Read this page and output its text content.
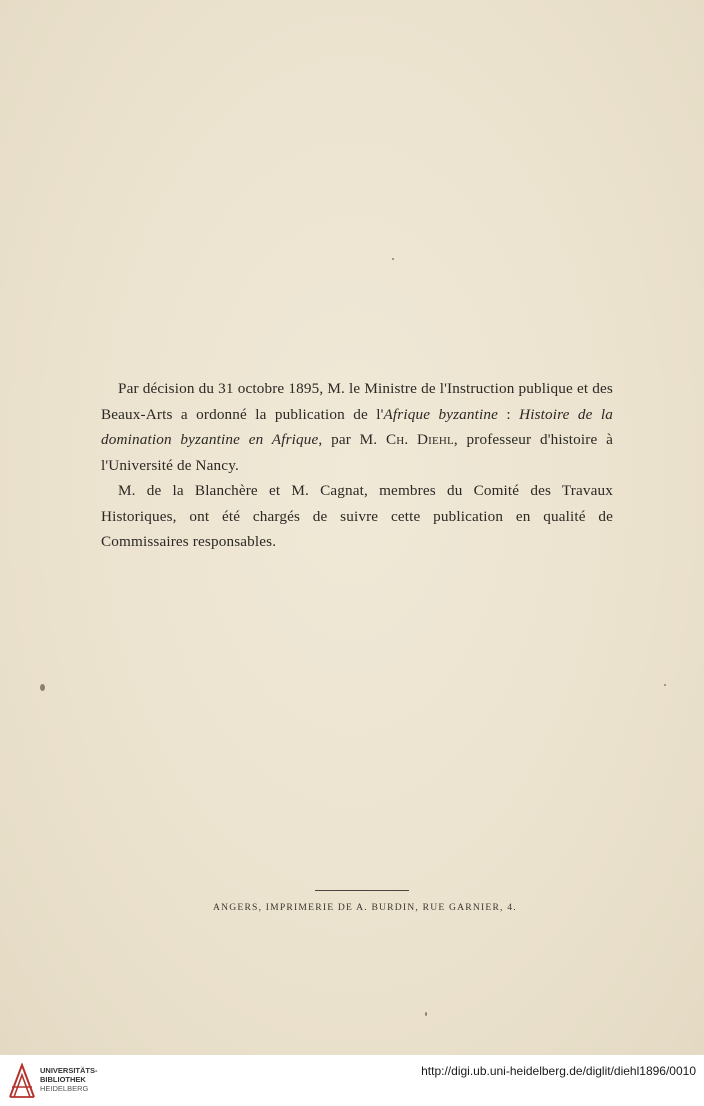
Par décision du 31 octobre 1895, M. le Ministre de l'Instruction publique et des Beaux-Arts a ordonné la publication de l'Afrique byzantine : Histoire de la domination byzantine en Afrique, par M. Ch. Diehl, professeur d'histoire à l'Université de Nancy.
M. de la Blanchère et M. Cagnat, membres du Comité des Travaux Historiques, ont été chargés de suivre cette publication en qualité de Commissaires responsables.
ANGERS, IMPRIMERIE DE A. BURDIN, RUE GARNIER, 4.
UNIVERSITÄTS-
BIBLIOTHEK
HEIDELBERG
http://digi.ub.uni-heidelberg.de/diglit/diehl1896/0010
